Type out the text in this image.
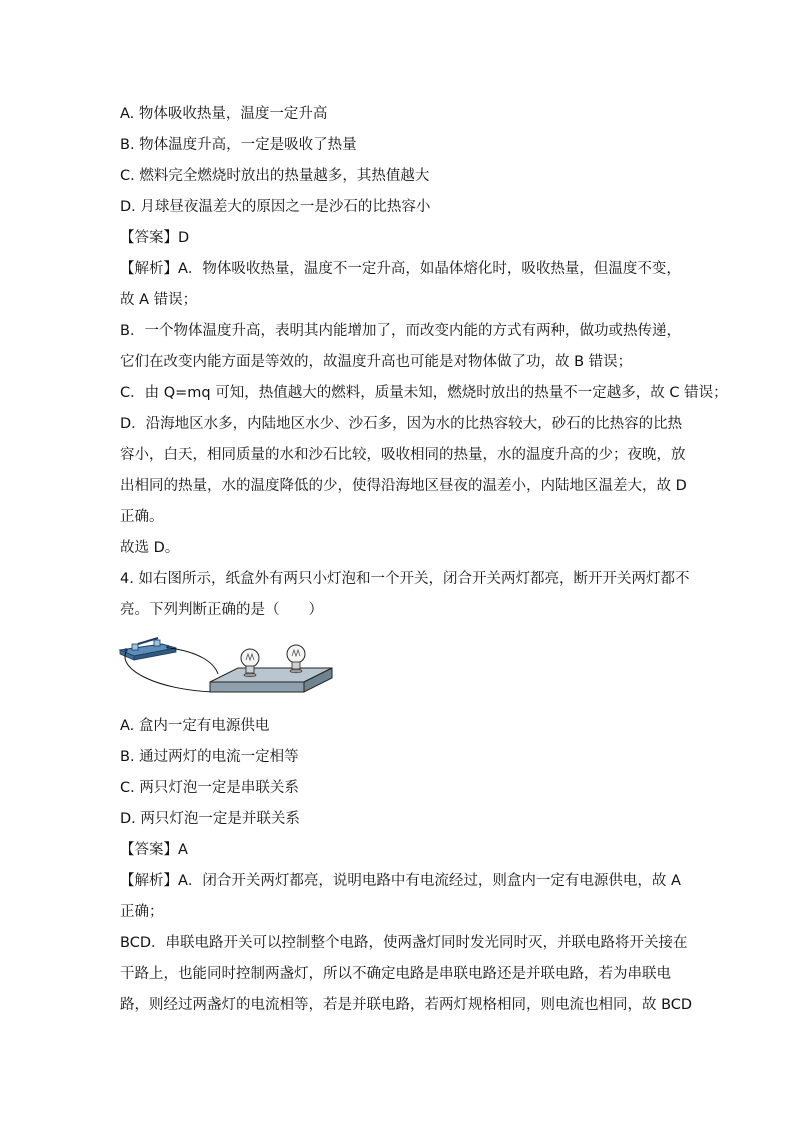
A. 物体吸收热量，温度一定升高
B. 物体温度升高，一定是吸收了热量
C. 燃料完全燃烧时放出的热量越多，其热值越大
D. 月球昼夜温差大的原因之一是沙石的比热容小
【答案】D
【解析】A．物体吸收热量，温度不一定升高，如晶体熔化时，吸收热量，但温度不变，
故 A 错误；
B．一个物体温度升高，表明其内能增加了，而改变内能的方式有两种，做功或热传递，
它们在改变内能方面是等效的，故温度升高也可能是对物体做了功，故 B 错误；
C．由 Q=mq 可知，热值越大的燃料，质量未知，燃烧时放出的热量不一定越多，故 C 错误；
D．沿海地区水多，内陆地区水少、沙石多，因为水的比热容较大，砂石的比热容的比热
容小，白天，相同质量的水和沙石比较，吸收相同的热量，水的温度升高的少；夜晚，放
出相同的热量，水的温度降低的少，使得沿海地区昼夜的温差小，内陆地区温差大，故 D
正确。
故选 D。
4. 如右图所示，纸盒外有两只小灯泡和一个开关，闭合开关两灯都亮，断开开关两灯都不
亮。下列判断正确的是（　　）
A. 盒内一定有电源供电
B. 通过两灯的电流一定相等
C. 两只灯泡一定是串联关系
D. 两只灯泡一定是并联关系
【答案】A
【解析】A．闭合开关两灯都亮，说明电路中有电流经过，则盒内一定有电源供电，故 A
正确；
BCD．串联电路开关可以控制整个电路，使两盏灯同时发光同时灭，并联电路将开关接在
干路上，也能同时控制两盏灯，所以不确定电路是串联电路还是并联电路，若为串联电
路，则经过两盏灯的电流相等，若是并联电路，若两灯规格相同，则电流也相同，故 BCD
